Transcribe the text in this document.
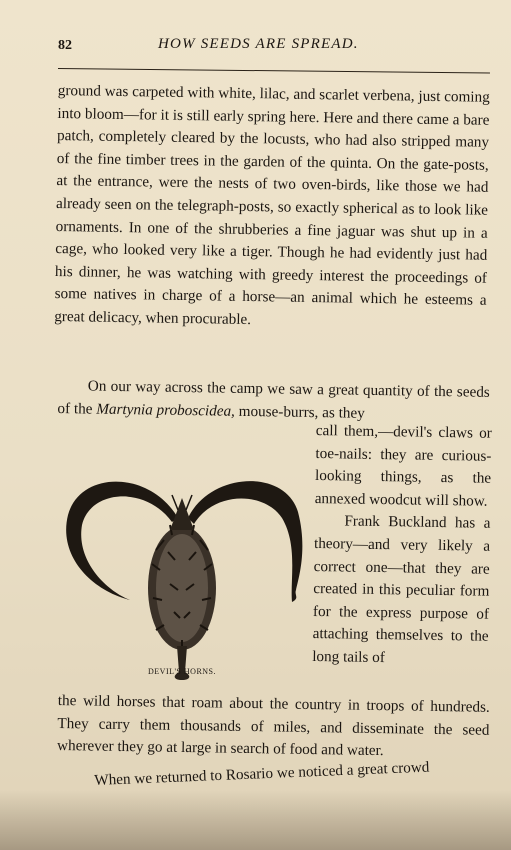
82	HOW SEEDS ARE SPREAD.

ground was carpeted with white, lilac, and scarlet verbena, just coming into bloom—for it is still early spring here. Here and there came a bare patch, completely cleared by the locusts, who had also stripped many of the fine timber trees in the garden of the quinta. On the gate-posts, at the entrance, were the nests of two oven-birds, like those we had already seen on the telegraph-posts, so exactly spherical as to look like ornaments. In one of the shrubberies a fine jaguar was shut up in a cage, who looked very like a tiger. Though he had evidently just had his dinner, he was watching with greedy interest the proceedings of some natives in charge of a horse—an animal which he esteems a great delicacy, when procurable.

On our way across the camp we saw a great quantity of the seeds of the Martynia proboscidea, mouse-burrs, as they

DEVIL'S HORNS.

call them,—devil's claws or toe-nails: they are curious-looking things, as the annexed woodcut will show.

Frank Buckland has a theory—and very likely a correct one—that they are created in this peculiar form for the express purpose of attaching themselves to the long tails of

the wild horses that roam about the country in troops of hundreds. They carry them thousands of miles, and disseminate the seed wherever they go at large in search of food and water.

When we returned to Rosario we noticed a great crowd
